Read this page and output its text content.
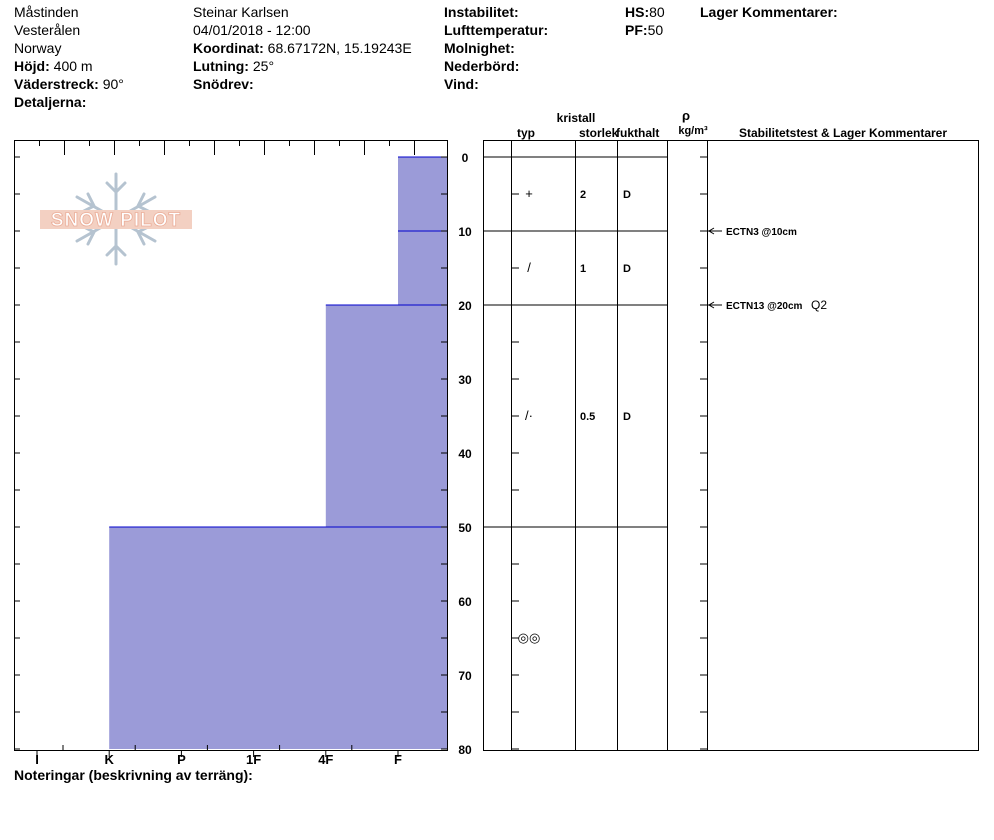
Måstinden
Vesterålen
Norway
Höjd: 400 m
Väderstreck: 90°
Detaljerna:
Steinar Karlsen
04/01/2018 - 12:00
Koordinat: 68.67172N, 15.19243E
Lutning: 25°
Snödrev:
Instabilitet:
Lufttemperatur:
Molnighet:
Nederbörd:
Vind:
HS:80
PF:50
Lager Kommentarer:
SNOW PILOT
I	K	P	1F	4F	F
0
10
20
30
40
50
60
70
80
+	2	D
/	1	D
/·	0.5	D
◎◎
ECTN3 @10cm
ECTN13 @20cm Q2
kristall
typ	storlek
fukthalt
ρ
kg/m³	Stabilitetstest & Lager Kommentarer
Noteringar (beskrivning av terräng):
